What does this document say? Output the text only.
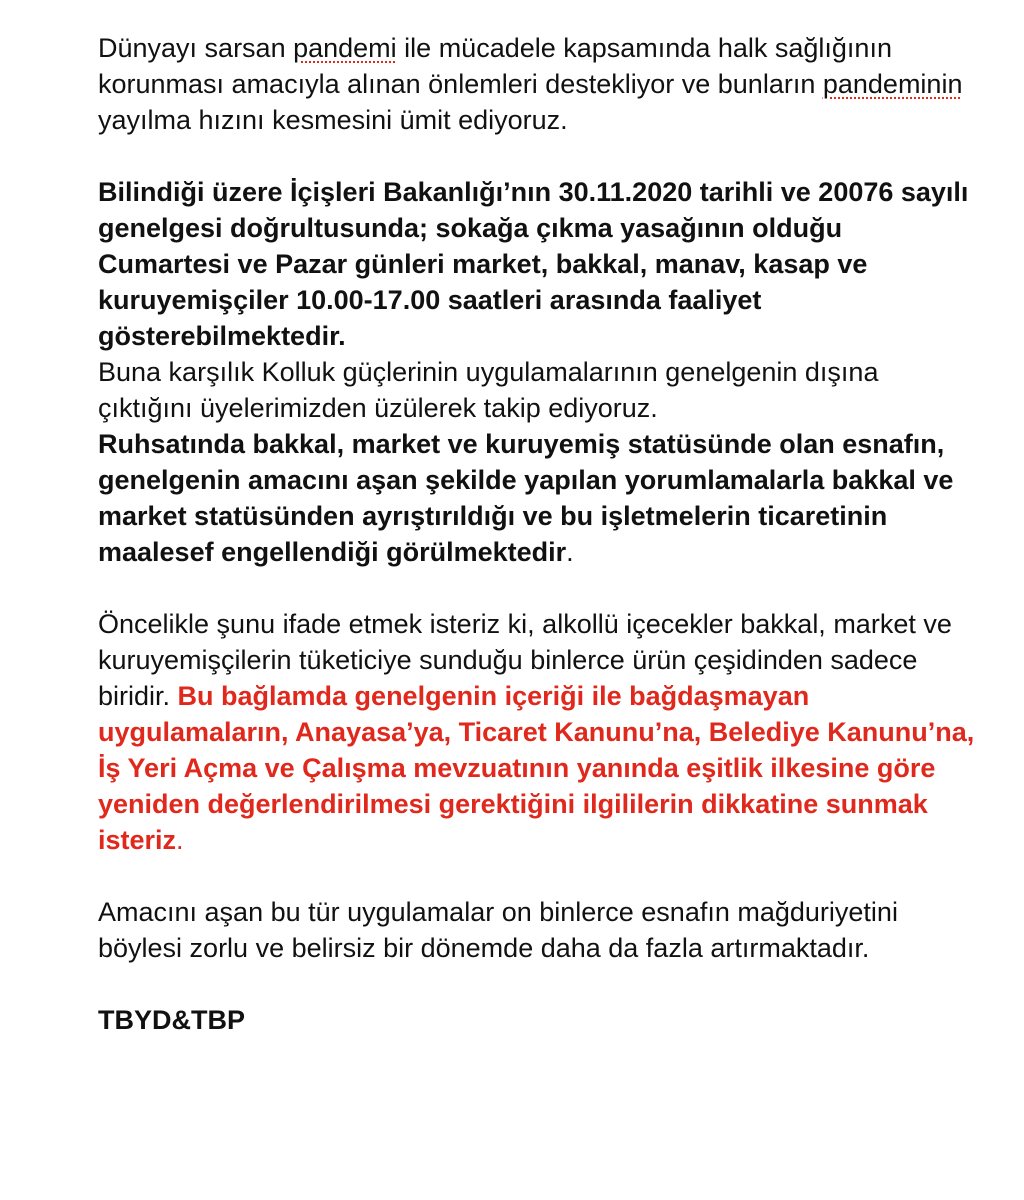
Dünyayı sarsan pandemi ile mücadele kapsamında halk sağlığının korunması amacıyla alınan önlemleri destekliyor ve bunların pandeminin yayılma hızını kesmesini ümit ediyoruz.

Bilindiği üzere İçişleri Bakanlığı’nın 30.11.2020 tarihli ve 20076 sayılı genelgesi doğrultusunda; sokağa çıkma yasağının olduğu Cumartesi ve Pazar günleri market, bakkal, manav, kasap ve kuruyemişçiler 10.00-17.00 saatleri arasında faaliyet gösterebilmektedir.
Buna karşılık Kolluk güçlerinin uygulamalarının genelgenin dışına çıktığını üyelerimizden üzülerek takip ediyoruz.
Ruhsatında bakkal, market ve kuruyemiş statüsünde olan esnafın, genelgenin amacını aşan şekilde yapılan yorumlamalarla bakkal ve market statüsünden ayrıştırıldığı ve bu işletmelerin ticaretinin maalesef engellendiği görülmektedir.

Öncelikle şunu ifade etmek isteriz ki, alkollü içecekler bakkal, market ve kuruyemişçilerin tüketiciye sunduğu binlerce ürün çeşidinden sadece biridir. Bu bağlamda genelgenin içeriği ile bağdaşmayan uygulamaların, Anayasa’ya, Ticaret Kanunu’na, Belediye Kanunu’na, İş Yeri Açma ve Çalışma mevzuatının yanında eşitlik ilkesine göre yeniden değerlendirilmesi gerektiğini ilgililerin dikkatine sunmak isteriz.

Amacını aşan bu tür uygulamalar on binlerce esnafın mağduriyetini böylesi zorlu ve belirsiz bir dönemde daha da fazla artırmaktadır.

TBYD&TBP
